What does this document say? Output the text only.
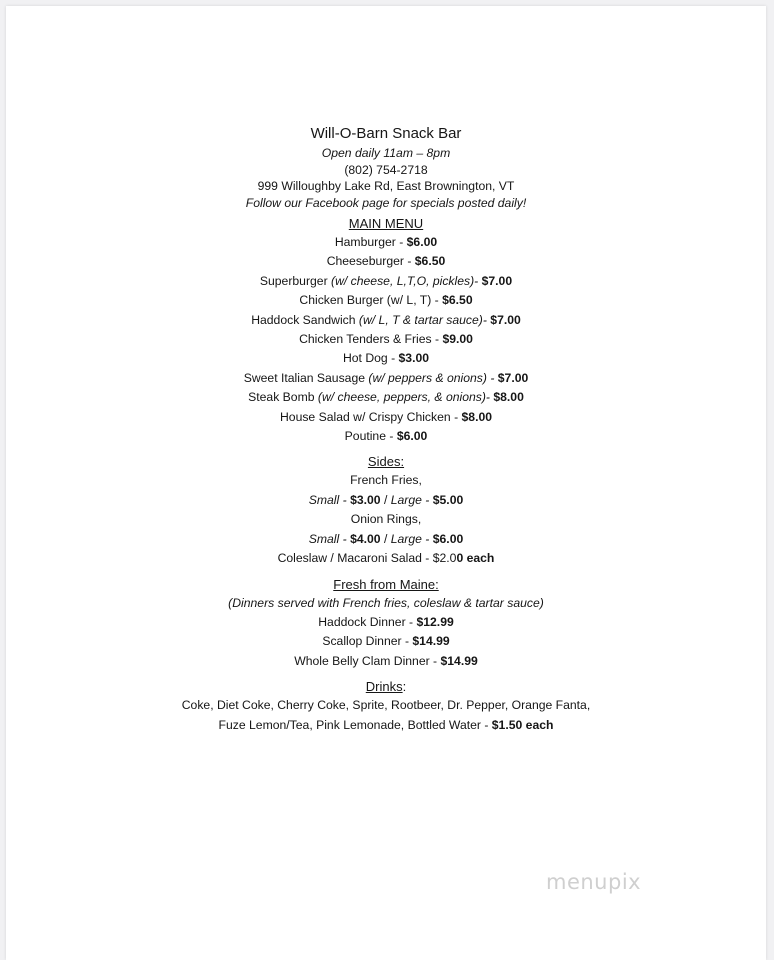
Will-O-Barn Snack Bar
Open daily 11am – 8pm
(802) 754-2718
999 Willoughby Lake Rd, East Brownington, VT
Follow our Facebook page for specials posted daily!
MAIN MENU
Hamburger - $6.00
Cheeseburger - $6.50
Superburger (w/ cheese, L,T,O, pickles)- $7.00
Chicken Burger (w/ L, T) - $6.50
Haddock Sandwich (w/ L, T & tartar sauce)- $7.00
Chicken Tenders & Fries - $9.00
Hot Dog - $3.00
Sweet Italian Sausage (w/ peppers & onions) - $7.00
Steak Bomb (w/ cheese, peppers, & onions)- $8.00
House Salad w/ Crispy Chicken - $8.00
Poutine - $6.00
Sides:
French Fries,
Small - $3.00 / Large - $5.00
Onion Rings,
Small - $4.00 / Large - $6.00
Coleslaw / Macaroni Salad - $2.00 each
Fresh from Maine:
(Dinners served with French fries, coleslaw & tartar sauce)
Haddock Dinner - $12.99
Scallop Dinner - $14.99
Whole Belly Clam Dinner - $14.99
Drinks:
Coke, Diet Coke, Cherry Coke, Sprite, Rootbeer, Dr. Pepper, Orange Fanta,
Fuze Lemon/Tea, Pink Lemonade, Bottled Water - $1.50 each
menupix
